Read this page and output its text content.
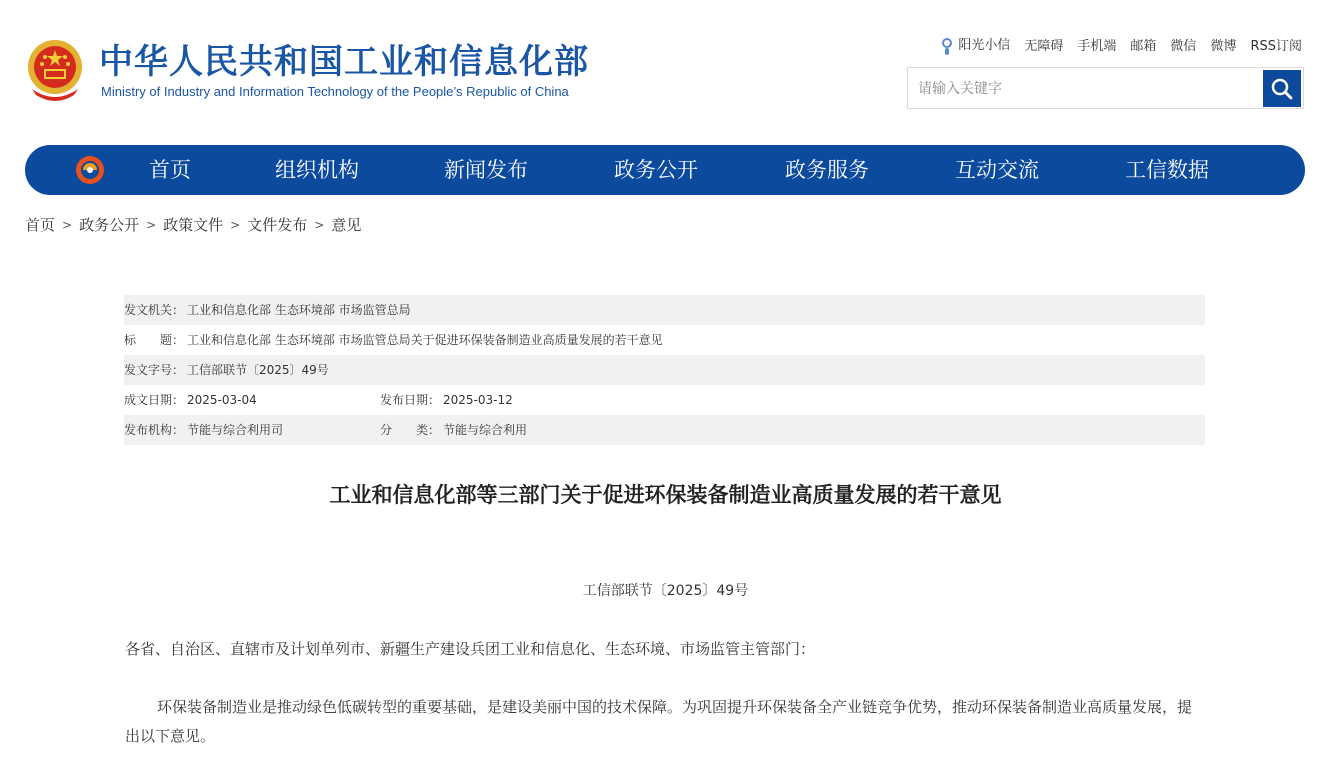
中华人民共和国工业和信息化部
Ministry of Industry and Information Technology of the People’s Republic of China
阳光小信 无障碍 手机端 邮箱 微信 微博 RSS订阅
请输入关键字
首页	组织机构	新闻发布	政务公开	政务服务	互动交流	工信数据
首页 > 政务公开 > 政策文件 > 文件发布 > 意见
发文机关： 工业和信息化部 生态环境部 市场监管总局
标　　题： 工业和信息化部 生态环境部 市场监管总局关于促进环保装备制造业高质量发展的若干意见
发文字号： 工信部联节〔2025〕49号
成文日期： 2025-03-04	发布日期： 2025-03-12
发布机构： 节能与综合利用司	分　　类： 节能与综合利用
工业和信息化部等三部门关于促进环保装备制造业高质量发展的若干意见
工信部联节〔2025〕49号
各省、自治区、直辖市及计划单列市、新疆生产建设兵团工业和信息化、生态环境、市场监管主管部门：
环保装备制造业是推动绿色低碳转型的重要基础，是建设美丽中国的技术保障。为巩固提升环保装备全产业链竞争优势，推动环保装备制造业高质量发展，提出以下意见。
